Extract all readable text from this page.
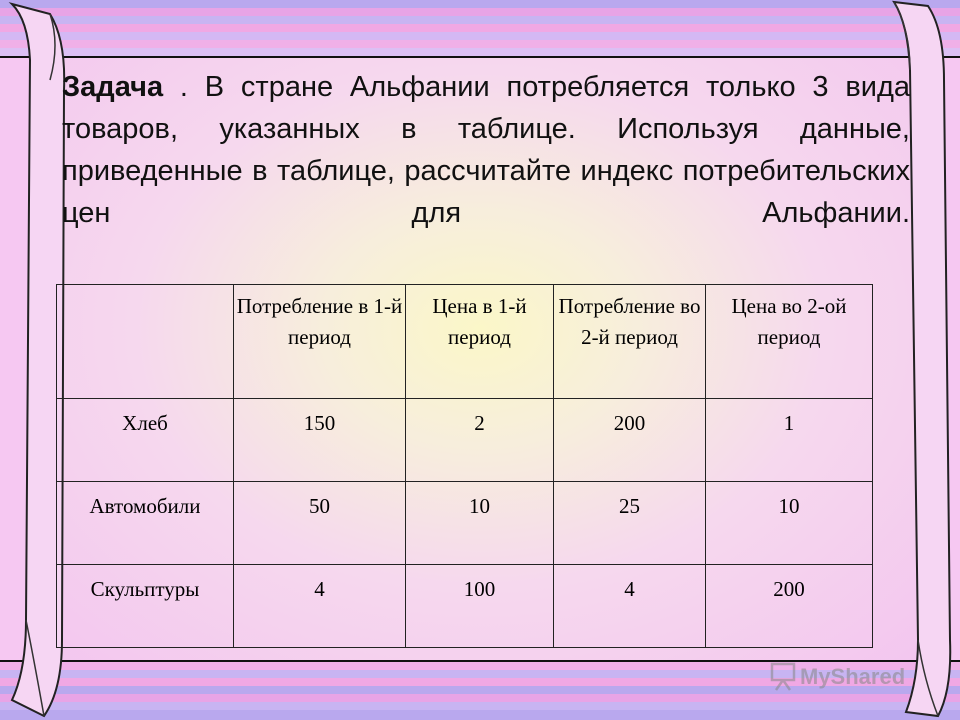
Задача . В стране Альфании потребляется только 3 вида товаров, указанных в таблице. Используя данные, приведенные в таблице, рассчитайте индекс потребительских цен для Альфании.
	Потребление в 1-й период	Цена в 1-й период	Потребление во 2-й период	Цена во 2-ой период
Хлеб	150	2	200	1
Автомобили	50	10	25	10
Скульптуры	4	100	4	200
MyShared
